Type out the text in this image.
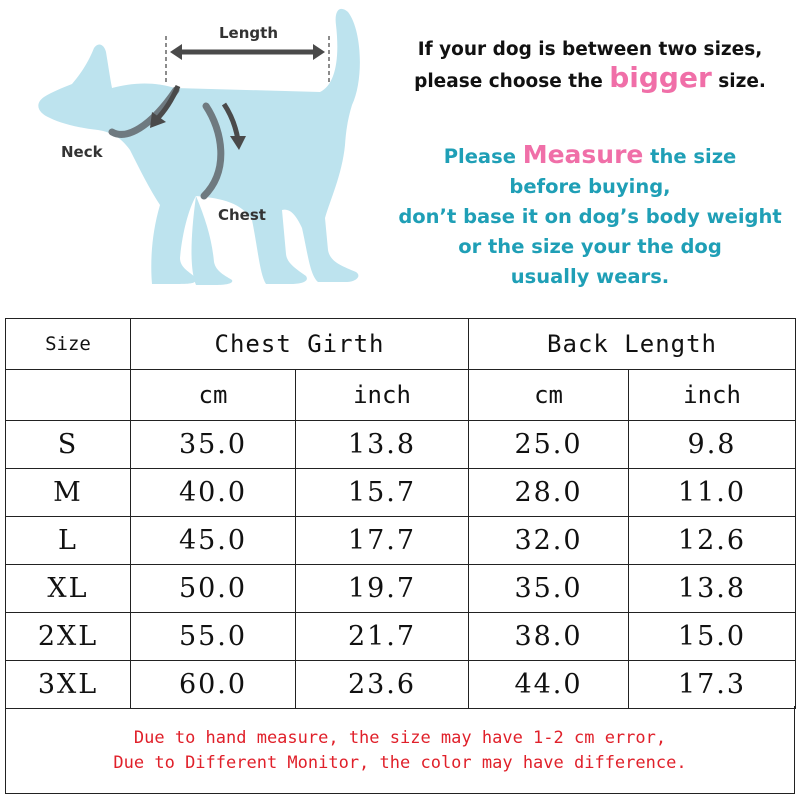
Length
Neck
Chest
If your dog is between two sizes,
please choose the bigger size.
Please Measure the size
before buying,
don’t base it on dog’s body weight
or the size your the dog
usually wears.
Size	Chest Girth		Back Length	
	cm	inch	cm	inch
S	35.0	13.8	25.0	9.8
M	40.0	15.7	28.0	11.0
L	45.0	17.7	32.0	12.6
XL	50.0	19.7	35.0	13.8
2XL	55.0	21.7	38.0	15.0
3XL	60.0	23.6	44.0	17.3
Due to hand measure, the size may have 1-2 cm error,
Due to Different Monitor, the color may have difference.
